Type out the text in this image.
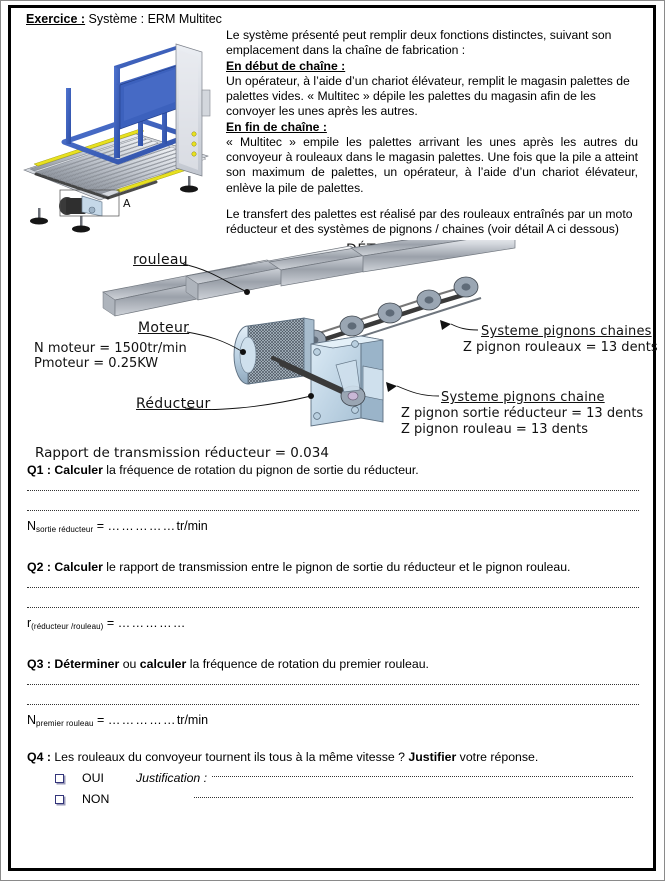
Exercice : Système : ERM Multitec
A

Le système présenté peut remplir deux fonctions distinctes, suivant son emplacement dans la chaîne de fabrication :

En début de chaîne :

Un opérateur, à l’aide d’un chariot élévateur, remplit le magasin palettes de palettes vides. « Multitec » dépile les palettes du magasin afin de les convoyer les unes après les autres.

En fin de chaîne :

« Multitec » empile les palettes arrivant les unes après les autres du convoyeur à rouleaux dans le magasin palettes. Une fois que la pile a atteint son maximum de palettes, un opérateur, à l’aide d’un chariot élévateur, enlève la pile de palettes.

Le transfert des palettes est réalisé par des rouleaux entraînés par un moto réducteur et des systèmes de pignons / chaines (voir détail A ci dessous)

rouleau
Moteur
N moteur = 1500tr/min
Pmoteur = 0.25KW
Réducteur
Systeme pignons chaines
Z pignon rouleaux = 13 dents
Systeme pignons chaine
Z pignon sortie réducteur = 13 dents
Z pignon rouleau = 13 dents
Rapport de transmission réducteur = 0.034
Q1 : Calculer la fréquence de rotation du pignon de sortie du réducteur.
$N_{sortie réducteur}$ = ……………tr/min
Q2 : Calculer le rapport de transmission entre le pignon de sortie du réducteur et le pignon rouleau.
$r_{(réducteur /rouleau)}$ = ……………
Q3 : Déterminer ou calculer la fréquence de rotation du premier rouleau.
$N_{premier rouleau}$ = ……………tr/min
Q4 : Les rouleaux du convoyeur tournent ils tous à la même vitesse ? Justifier votre réponse.
OUI	Justification :
NON
